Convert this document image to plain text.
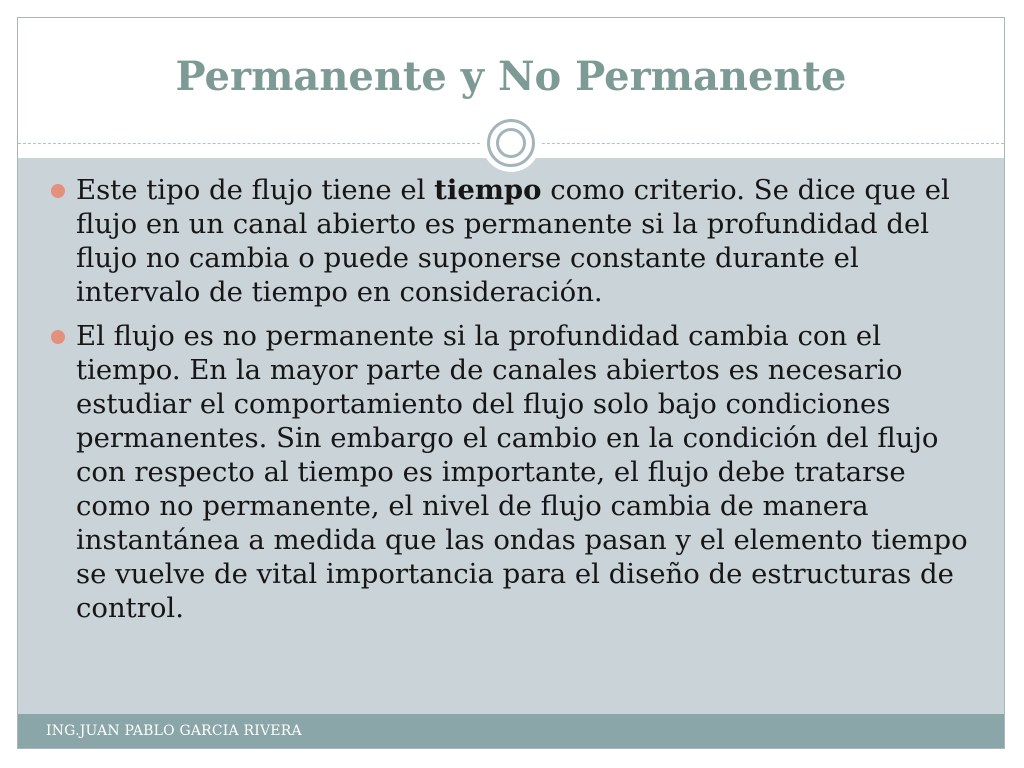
Permanente y No Permanente
Este tipo de flujo tiene el tiempo como criterio. Se dice que el flujo en un canal abierto es permanente si la profundidad del flujo no cambia o puede suponerse constante durante el intervalo de tiempo en consideración.
El flujo es no permanente si la profundidad cambia con el tiempo. En la mayor parte de canales abiertos es necesario estudiar el comportamiento del flujo solo bajo condiciones permanentes. Sin embargo el cambio en la condición del flujo con respecto al tiempo es importante, el flujo debe tratarse como no permanente, el nivel de flujo cambia de manera instantánea a medida que las ondas pasan y el elemento tiempo se vuelve de vital importancia para el diseño de estructuras de control.
ING.JUAN PABLO GARCIA RIVERA
